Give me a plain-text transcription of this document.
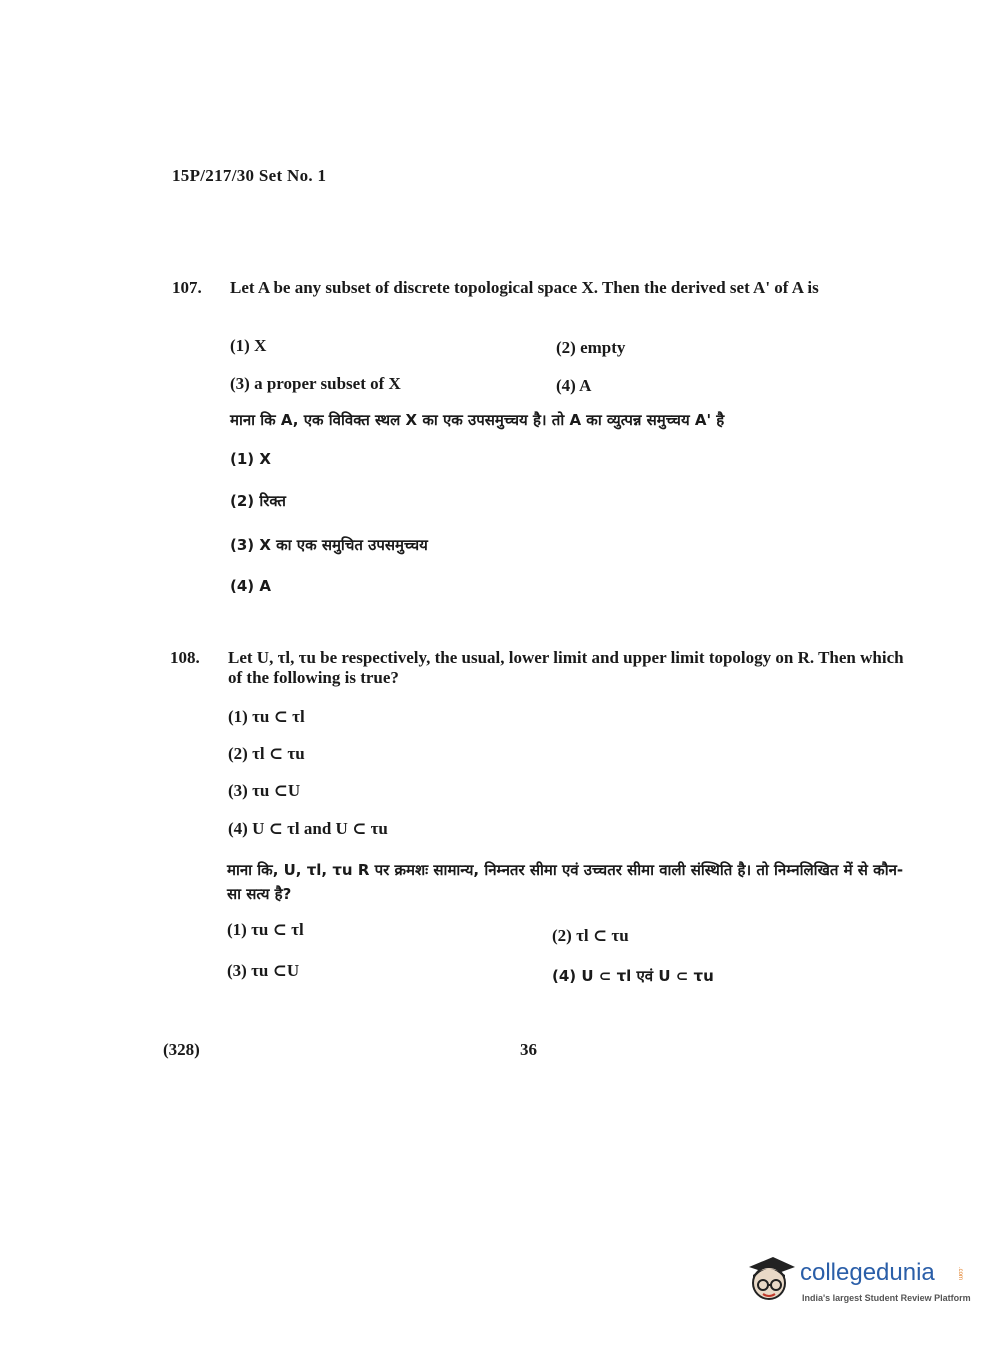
15P/217/30 Set No. 1
107. Let A be any subset of discrete topological space X. Then the derived set A' of A is
(1) X	(2) empty
(3) a proper subset of X	(4) A
माना कि A, एक विविक्त स्थल X का एक उपसमुच्चय है। तो A का व्युत्पन्न समुच्चय A' है
(1) X
(2) रिक्त
(3) X का एक समुचित उपसमुच्चय
(4) A
108. Let U, τl, τu be respectively, the usual, lower limit and upper limit topology on R. Then which of the following is true?
(1) τu ⊂ τl
(2) τl ⊂ τu
(3) τu ⊂U
(4) U ⊂ τl and U ⊂ τu
माना कि, U, τl, τu R पर क्रमशः सामान्य, निम्नतर सीमा एवं उच्चतर सीमा वाली संस्थिति है। तो निम्नलिखित में से कौन-सा सत्य है?
(1) τu ⊂ τl	(2) τl ⊂ τu
(3) τu ⊂U	(4) U ⊂ τl एवं U ⊂ τu
(328)	36
collegedunia	.com
India's largest Student Review Platform
